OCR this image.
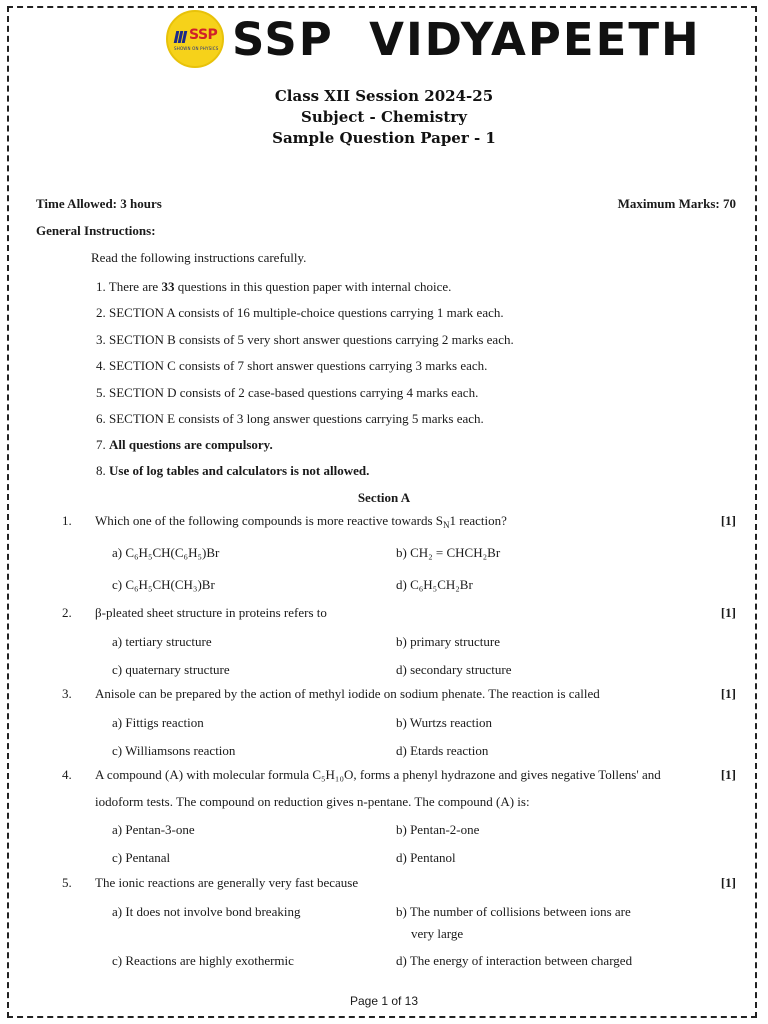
SSP
SHOWN ON PHYSICS SSP  VIDYAPEETH
Class XII Session 2024-25
Subject - Chemistry
Sample Question Paper - 1
Time Allowed: 3 hours	Maximum Marks: 70
General Instructions:
Read the following instructions carefully.
1. There are 33 questions in this question paper with internal choice.
2. SECTION A consists of 16 multiple-choice questions carrying 1 mark each.
3. SECTION B consists of 5 very short answer questions carrying 2 marks each.
4. SECTION C consists of 7 short answer questions carrying 3 marks each.
5. SECTION D consists of 2 case-based questions carrying 4 marks each.
6. SECTION E consists of 3 long answer questions carrying 5 marks each.
7. All questions are compulsory.
8. Use of log tables and calculators is not allowed.
Section A
1. Which one of the following compounds is more reactive towards $S_N1$ reaction?	[1]
a) C₆H₅CH(C₆H₅)Br	b) CH₂ = CHCH₂Br
c) C₆H₅CH(CH₃)Br	d) C₆H₅CH₂Br
2. β-pleated sheet structure in proteins refers to	[1]
a) tertiary structure	b) primary structure
c) quaternary structure	d) secondary structure
3. Anisole can be prepared by the action of methyl iodide on sodium phenate. The reaction is called	[1]
a) Fittigs reaction	b) Wurtzs reaction
c) Williamsons reaction	d) Etards reaction
4. A compound (A) with molecular formula C₅H₁₀O, forms a phenyl hydrazone and gives negative Tollens' and	[1]
iodoform tests. The compound on reduction gives n-pentane. The compound (A) is:
a) Pentan-3-one	b) Pentan-2-one
c) Pentanal	d) Pentanol
5. The ionic reactions are generally very fast because	[1]
a) It does not involve bond breaking	b) The number of collisions between ions are
very large
c) Reactions are highly exothermic	d) The energy of interaction between charged
Page 1 of 13
